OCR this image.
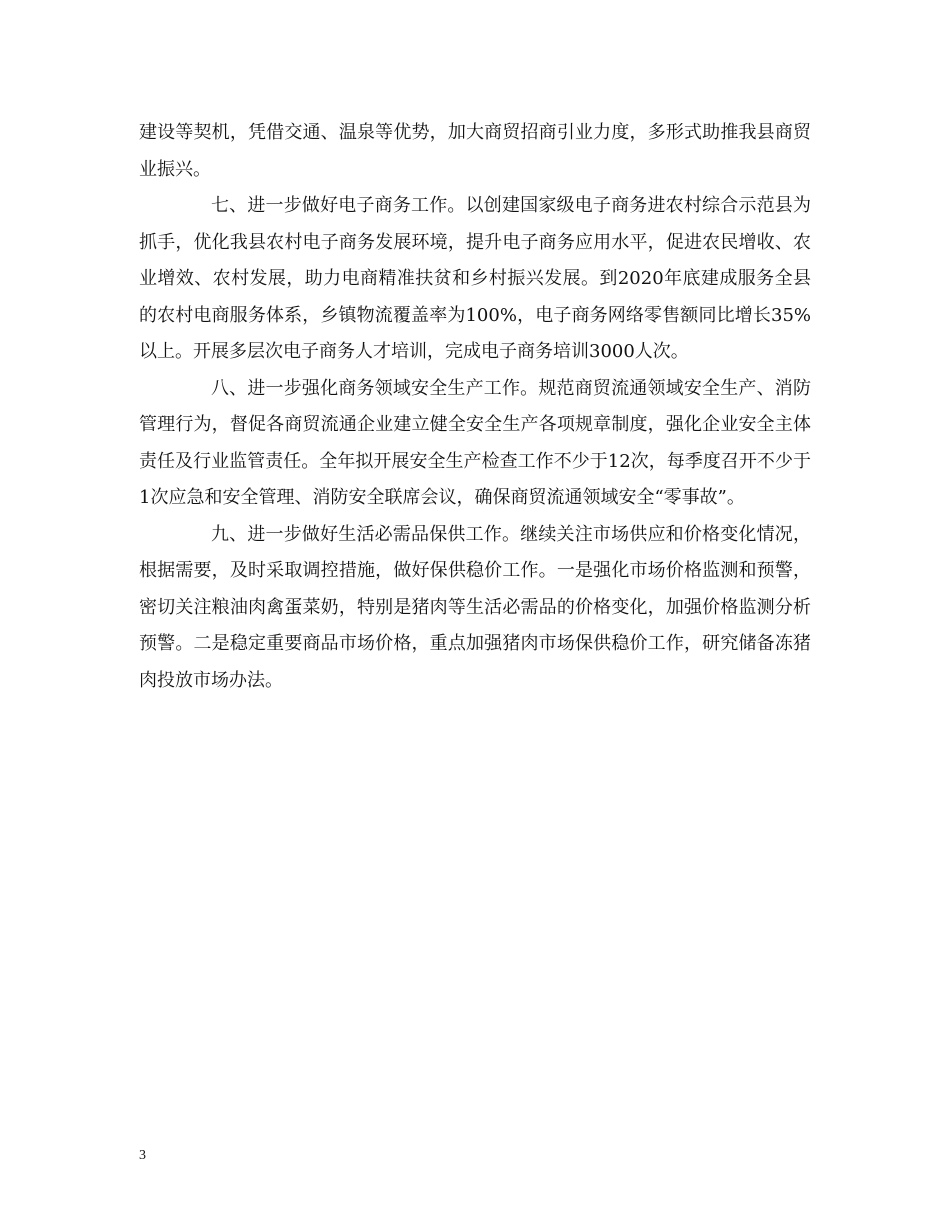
建设等契机，凭借交通、温泉等优势，加大商贸招商引业力度，多形式助推我县商贸业振兴。

七、进一步做好电子商务工作。以创建国家级电子商务进农村综合示范县为抓手，优化我县农村电子商务发展环境，提升电子商务应用水平，促进农民增收、农业增效、农村发展，助力电商精准扶贫和乡村振兴发展。到2020年底建成服务全县的农村电商服务体系，乡镇物流覆盖率为100%，电子商务网络零售额同比增长35%以上。开展多层次电子商务人才培训，完成电子商务培训3000人次。

八、进一步强化商务领域安全生产工作。规范商贸流通领域安全生产、消防管理行为，督促各商贸流通企业建立健全安全生产各项规章制度，强化企业安全主体责任及行业监管责任。全年拟开展安全生产检查工作不少于12次，每季度召开不少于1次应急和安全管理、消防安全联席会议，确保商贸流通领域安全“零事故”。

九、进一步做好生活必需品保供工作。继续关注市场供应和价格变化情况，根据需要，及时采取调控措施，做好保供稳价工作。一是强化市场价格监测和预警，密切关注粮油肉禽蛋菜奶，特别是猪肉等生活必需品的价格变化，加强价格监测分析预警。二是稳定重要商品市场价格，重点加强猪肉市场保供稳价工作，研究储备冻猪肉投放市场办法。

3
